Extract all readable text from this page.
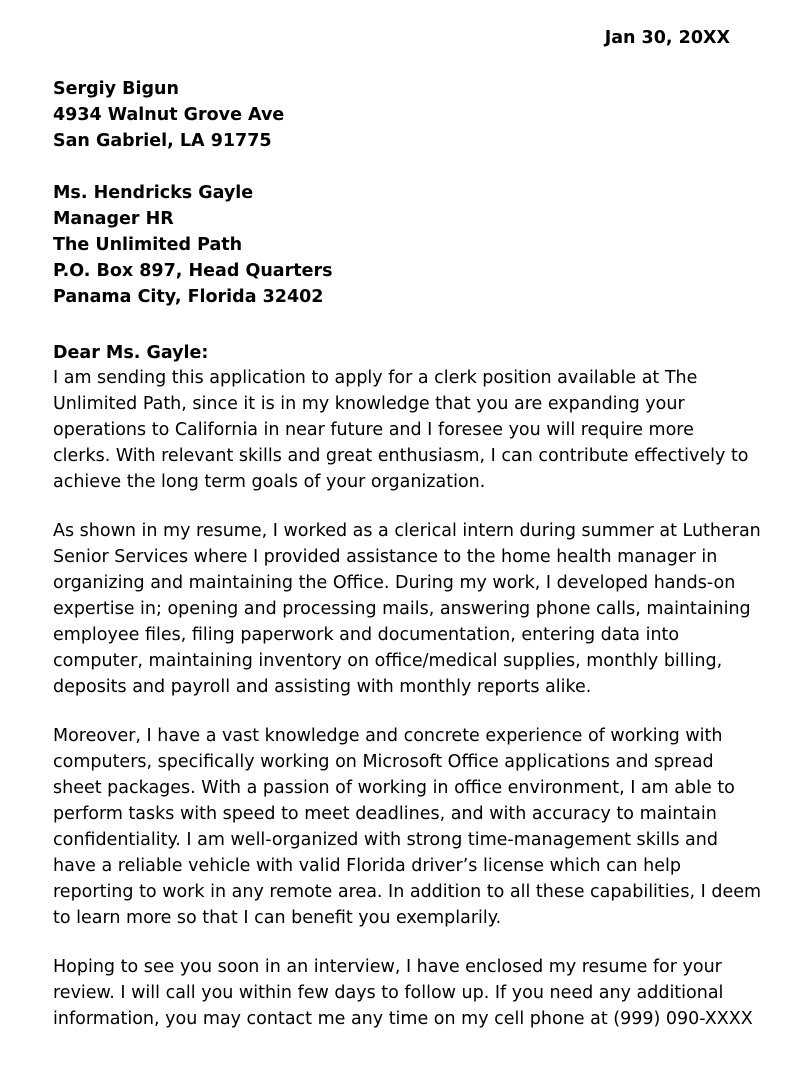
Jan 30, 20XX
Sergiy Bigun
4934 Walnut Grove Ave
San Gabriel, LA 91775
Ms. Hendricks Gayle
Manager HR
The Unlimited Path
P.O. Box 897, Head Quarters
Panama City, Florida 32402
Dear Ms. Gayle:
I am sending this application to apply for a clerk position available at The
Unlimited Path, since it is in my knowledge that you are expanding your
operations to California in near future and I foresee you will require more
clerks. With relevant skills and great enthusiasm, I can contribute effectively to
achieve the long term goals of your organization.
As shown in my resume, I worked as a clerical intern during summer at Lutheran
Senior Services where I provided assistance to the home health manager in
organizing and maintaining the Office. During my work, I developed hands-on
expertise in; opening and processing mails, answering phone calls, maintaining
employee files, filing paperwork and documentation, entering data into
computer, maintaining inventory on office/medical supplies, monthly billing,
deposits and payroll and assisting with monthly reports alike.
Moreover, I have a vast knowledge and concrete experience of working with
computers, specifically working on Microsoft Office applications and spread
sheet packages. With a passion of working in office environment, I am able to
perform tasks with speed to meet deadlines, and with accuracy to maintain
confidentiality. I am well-organized with strong time-management skills and
have a reliable vehicle with valid Florida driver’s license which can help
reporting to work in any remote area. In addition to all these capabilities, I deem
to learn more so that I can benefit you exemplarily.
Hoping to see you soon in an interview, I have enclosed my resume for your
review. I will call you within few days to follow up. If you need any additional
information, you may contact me any time on my cell phone at (999) 090-XXXX
